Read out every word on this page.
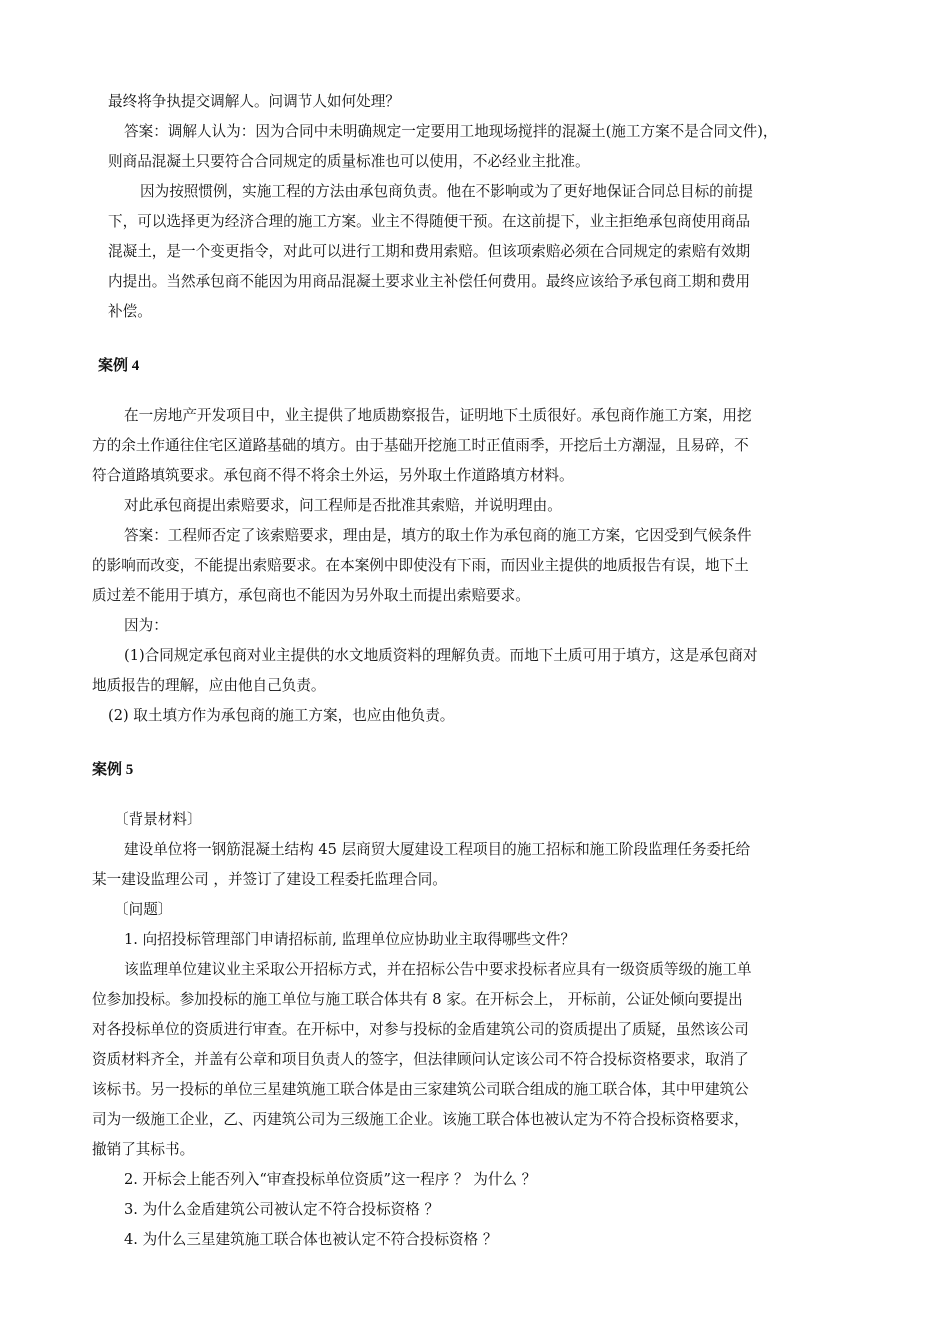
最终将争执提交调解人。问调节人如何处理？
答案：调解人认为：因为合同中未明确规定一定要用工地现场搅拌的混凝土(施工方案不是合同文件)，
则商品混凝土只要符合合同规定的质量标准也可以使用，不必经业主批准。
因为按照惯例，实施工程的方法由承包商负责。他在不影响或为了更好地保证合同总目标的前提
下，可以选择更为经济合理的施工方案。业主不得随便干预。在这前提下，业主拒绝承包商使用商品
混凝土，是一个变更指令，对此可以进行工期和费用索赔。但该项索赔必须在合同规定的索赔有效期
内提出。当然承包商不能因为用商品混凝土要求业主补偿任何费用。最终应该给予承包商工期和费用
补偿。
案例 4
在一房地产开发项目中，业主提供了地质勘察报告，证明地下土质很好。承包商作施工方案，用挖
方的余土作通往住宅区道路基础的填方。由于基础开挖施工时正值雨季，开挖后土方潮湿，且易碎，不
符合道路填筑要求。承包商不得不将余土外运，另外取土作道路填方材料。
对此承包商提出索赔要求，问工程师是否批准其索赔，并说明理由。
答案：工程师否定了该索赔要求，理由是，填方的取土作为承包商的施工方案，它因受到气候条件
的影响而改变，不能提出索赔要求。在本案例中即使没有下雨，而因业主提供的地质报告有误，地下土
质过差不能用于填方，承包商也不能因为另外取土而提出索赔要求。
因为：
(1)合同规定承包商对业主提供的水文地质资料的理解负责。而地下土质可用于填方，这是承包商对
地质报告的理解，应由他自己负责。
(2) 取土填方作为承包商的施工方案，也应由他负责。
案例 5
〔背景材料〕
建设单位将一钢筋混凝土结构 45 层商贸大厦建设工程项目的施工招标和施工阶段监理任务委托给
某一建设监理公司 ，并签订了建设工程委托监理合同。
〔问题〕
1. 向招投标管理部门申请招标前, 监理单位应协助业主取得哪些文件？
该监理单位建议业主采取公开招标方式，并在招标公告中要求投标者应具有一级资质等级的施工单
位参加投标。参加投标的施工单位与施工联合体共有 8 家。在开标会上， 开标前，公证处倾向要提出
对各投标单位的资质进行审查。在开标中，对参与投标的金盾建筑公司的资质提出了质疑，虽然该公司
资质材料齐全，并盖有公章和项目负责人的签字，但法律顾问认定该公司不符合投标资格要求，取消了
该标书。另一投标的单位三星建筑施工联合体是由三家建筑公司联合组成的施工联合体，其中甲建筑公
司为一级施工企业，乙、丙建筑公司为三级施工企业。该施工联合体也被认定为不符合投标资格要求，
撤销了其标书。
2. 开标会上能否列入“审查投标单位资质”这一程序 ？ 为什么 ？
3. 为什么金盾建筑公司被认定不符合投标资格 ？
4. 为什么三星建筑施工联合体也被认定不符合投标资格 ？
